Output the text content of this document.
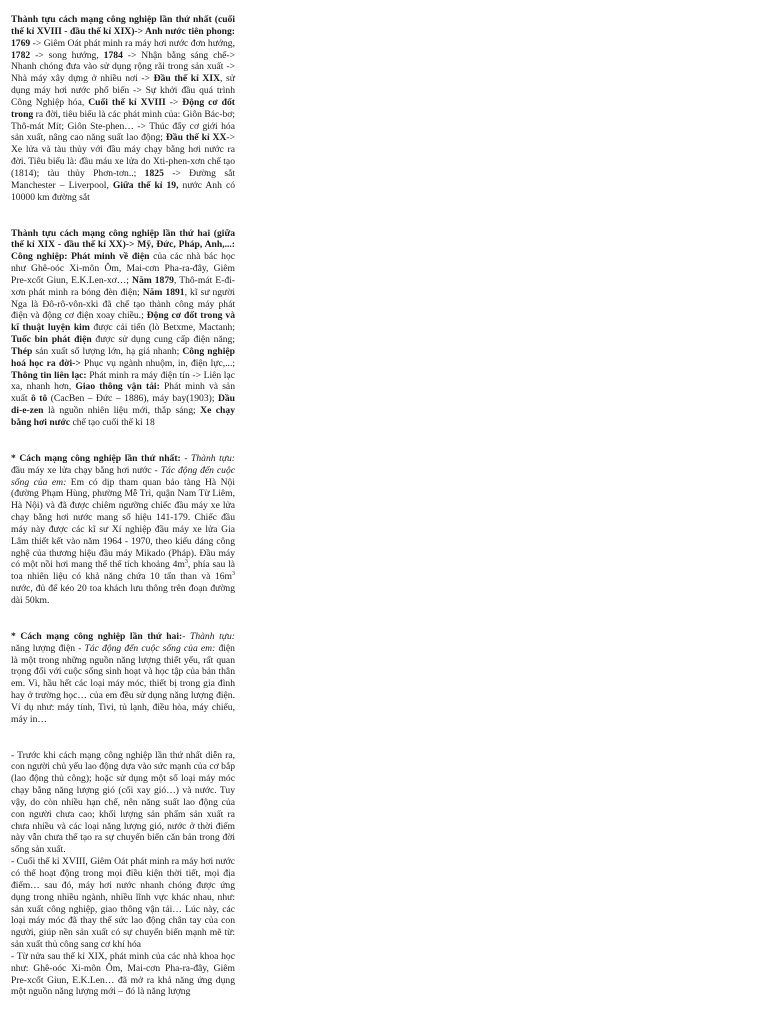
Thành tựu cách mạng công nghiệp lần thứ nhất (cuối thế kỉ XVIII - đầu thế kỉ XIX)-> Anh nước tiên phong: 1769 -> Giêm Oát phát minh ra máy hơi nước đơn hướng, 1782 -> song hướng, 1784 -> Nhận bằng sáng chế-> Nhanh chóng đưa vào sử dụng rộng rãi trong sản xuất -> Nhà máy xây dựng ở nhiều nơi -> Đầu thế kỉ XIX, sử dụng máy hơi nước phổ biến -> Sự khởi đầu quá trình Công Nghiệp hóa, Cuối thế kỉ XVIII -> Động cơ đốt trong ra đời, tiêu biểu là các phát minh của: Giôn Bác-bơ; Thô-mát Mít; Giôn Ste-phen… -> Thúc đẩy cơ giới hóa sản xuất, nâng cao năng suất lao động; Đầu thế kỉ XX-> Xe lửa và tàu thủy với đầu máy chạy bằng hơi nước ra đời. Tiêu biểu là: đầu máu xe lửa do Xti-phen-xơn chế tạo (1814); tàu thủy Phơn-tơn..; 1825 -> Đường sắt Manchester – Liverpool, Giữa thế kỉ 19, nước Anh có 10000 km đường sắt

Thành tựu cách mạng công nghiệp lần thứ hai (giữa thế kỉ XIX - đầu thế kỉ XX)-> Mỹ, Đức, Pháp, Anh,...: Công nghiệp: Phát minh về điện của các nhà bác học như Ghê-oóc Xi-môn Ôm, Mai-cơn Pha-ra-đây, Giêm Pre-xcốt Giun, E.K.Len-xơ…; Năm 1879, Thô-mát E-đi-xơn phát minh ra bóng đèn điện; Năm 1891, kĩ sư người Nga là Đô-rô-vôn-xki đã chế tạo thành công máy phát điện và động cơ điện xoay chiều.; Động cơ đốt trong và kĩ thuật luyện kim được cải tiến (lò Betxme, Mactanh; Tuốc bin phát điện được sử dụng cung cấp điện năng; Thép sản xuất số lượng lớn, hạ giá nhanh; Công nghiệp hoá học ra đời-> Phục vụ ngành nhuộm, in, điện lực,...; Thông tin liên lạc: Phát minh ra máy điện tín -> Liên lạc xa, nhanh hơn, Giao thông vận tải: Phát minh và sản xuất ô tô (CacBen – Đức – 1886), máy bay(1903); Dầu di-e-zen là nguồn nhiên liệu mới, thắp sáng; Xe chạy bằng hơi nước chế tạo cuối thế kỉ 18

* Cách mạng công nghiệp lần thứ nhất: - Thành tựu: đầu máy xe lửa chạy bằng hơi nước - Tác động đến cuộc sống của em: Em có dịp tham quan bảo tàng Hà Nội (đường Phạm Hùng, phường Mễ Trì, quận Nam Từ Liêm, Hà Nội) và đã được chiêm ngưỡng chiếc đầu máy xe lửa chạy bằng hơi nước mang số hiệu 141-179. Chiếc đầu máy này được các kĩ sư Xí nghiệp đầu máy xe lửa Gia Lâm thiết kết vào năm 1964 - 1970, theo kiểu dáng công nghệ của thương hiệu đầu máy Mikado (Pháp). Đầu máy có một nồi hơi mang thể thể tích khoảng $4m^3$, phía sau là toa nhiên liệu có khả năng chứa 10 tấn than và $16m^3$ nước, đủ để kéo 20 toa khách lưu thông trên đoạn đường dài 50km.

* Cách mạng công nghiệp lần thứ hai:- Thành tựu: năng lượng điện - Tác động đến cuộc sống của em: điện là một trong những nguồn năng lượng thiết yếu, rất quan trọng đối với cuộc sống sinh hoạt và học tập của bản thân em. Vì, hầu hết các loại máy móc, thiết bị trong gia đình hay ở trường học… của em đều sử dụng năng lượng điện. Ví dụ như: máy tính, Tivi, tủ lạnh, điều hòa, máy chiếu, máy in…

- Trước khi cách mạng công nghiệp lần thứ nhất diễn ra, con người chủ yếu lao động dựa vào sức mạnh của cơ bắp (lao động thủ công); hoặc sử dụng một số loại máy móc chạy bằng năng lượng gió (cối xay gió…) và nước. Tuy vậy, do còn nhiều hạn chế, nên năng suất lao động của con người chưa cao; khối lượng sản phẩm sản xuất ra chưa nhiều và các loại năng lượng gió, nước ở thời điểm này vẫn chưa thể tạo ra sự chuyển biến căn bản trong đời sống sản xuất.

- Cuối thế kỉ XVIII, Giêm Oát phát minh ra máy hơi nước có thể hoạt động trong mọi điều kiện thời tiết, mọi địa điểm… sau đó, máy hơi nước nhanh chóng được ứng dụng trong nhiều ngành, nhiều lĩnh vực khác nhau, như: sản xuất công nghiệp, giao thông vận tải… Lúc này, các loại máy móc đã thay thế sức lao động chân tay của con người, giúp nền sản xuất có sự chuyển biến mạnh mẽ từ: sản xuất thủ công sang cơ khí hóa

- Từ nửa sau thế kỉ XIX, phát minh của các nhà khoa học như: Ghê-oóc Xi-môn Ôm, Mai-cơn Pha-ra-đây, Giêm Pre-xcốt Giun, E.K.Len… đã mở ra khả năng ứng dụng một nguồn năng lượng mới – đó là năng lượng
